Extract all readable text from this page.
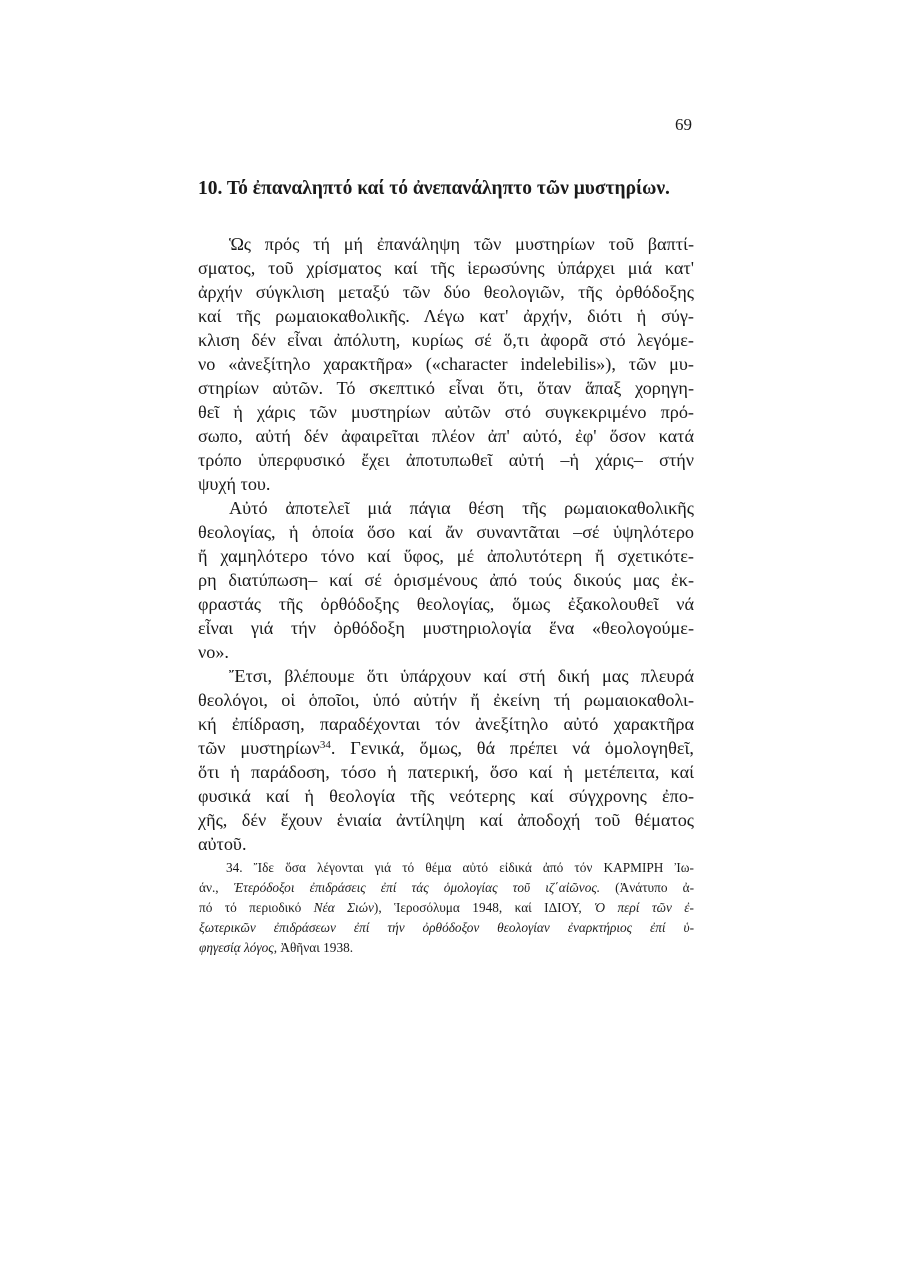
69
10. Τό ἐπαναληπτό καί τό ἀνεπανάληπτο τῶν μυστηρίων.
Ὡς πρός τή μή ἐπανάληψη τῶν μυστηρίων τοῦ βαπτί-
σματος, τοῦ χρίσματος καί τῆς ἱερωσύνης ὑπάρχει μιά κατ'
ἀρχήν σύγκλιση μεταξύ τῶν δύο θεολογιῶν, τῆς ὀρθόδοξης
καί τῆς ρωμαιοκαθολικῆς. Λέγω κατ' ἀρχήν, διότι ἡ σύγ-
κλιση δέν εἶναι ἀπόλυτη, κυρίως σέ ὅ,τι ἀφορᾶ στό λεγόμε-
νο «ἀνεξίτηλο χαρακτῆρα» («character indelebilis»), τῶν μυ-
στηρίων αὐτῶν. Τό σκεπτικό εἶναι ὅτι, ὅταν ἅπαξ χορηγη-
θεῖ ἡ χάρις τῶν μυστηρίων αὐτῶν στό συγκεκριμένο πρό-
σωπο, αὐτή δέν ἀφαιρεῖται πλέον ἀπ' αὐτό, ἐφ' ὅσον κατά
τρόπο ὑπερφυσικό ἔχει ἀποτυπωθεῖ αὐτή –ἡ χάρις– στήν
ψυχή του.
Αὐτό ἀποτελεῖ μιά πάγια θέση τῆς ρωμαιοκαθολικῆς
θεολογίας, ἡ ὁποία ὅσο καί ἄν συναντᾶται –σέ ὑψηλότερο
ἤ χαμηλότερο τόνο καί ὕφος, μέ ἀπολυτότερη ἤ σχετικότε-
ρη διατύπωση– καί σέ ὁρισμένους ἀπό τούς δικούς μας ἐκ-
φραστάς τῆς ὀρθόδοξης θεολογίας, ὅμως ἐξακολουθεῖ νά
εἶναι γιά τήν ὀρθόδοξη μυστηριολογία ἕνα «θεολογούμε-
νο».
Ἔτσι, βλέπουμε ὅτι ὑπάρχουν καί στή δική μας πλευρά
θεολόγοι, οἱ ὁποῖοι, ὑπό αὐτήν ἤ ἐκείνη τή ρωμαιοκαθολι-
κή ἐπίδραση, παραδέχονται τόν ἀνεξίτηλο αὐτό χαρακτῆρα
τῶν μυστηρίων$^{34}$. Γενικά, ὅμως, θά πρέπει νά ὁμολογηθεῖ,
ὅτι ἡ παράδοση, τόσο ἡ πατερική, ὅσο καί ἡ μετέπειτα, καί
φυσικά καί ἡ θεολογία τῆς νεότερης καί σύγχρονης ἐπο-
χῆς, δέν ἔχουν ἑνιαία ἀντίληψη καί ἀποδοχή τοῦ θέματος
αὐτοῦ.
34. Ἴδε ὅσα λέγονται γιά τό θέμα αὐτό εἰδικά ἀπό τόν ΚΑΡΜΙΡΗ Ἰω-
άν., Ἑτερόδοξοι ἐπιδράσεις ἐπί τάς ὁμολογίας τοῦ ιζ΄αἰῶνος. (Ἀνάτυπο ἀ-
πό τό περιοδικό Νέα Σιών), Ἱεροσόλυμα 1948, καί ΙΔΙΟΥ, Ὁ περί τῶν ἐ-
ξωτερικῶν ἐπιδράσεων ἐπί τήν ὀρθόδοξον θεολογίαν ἐναρκτήριος ἐπί ὑ-
φηγεσίᾳ λόγος, Ἀθῆναι 1938.
